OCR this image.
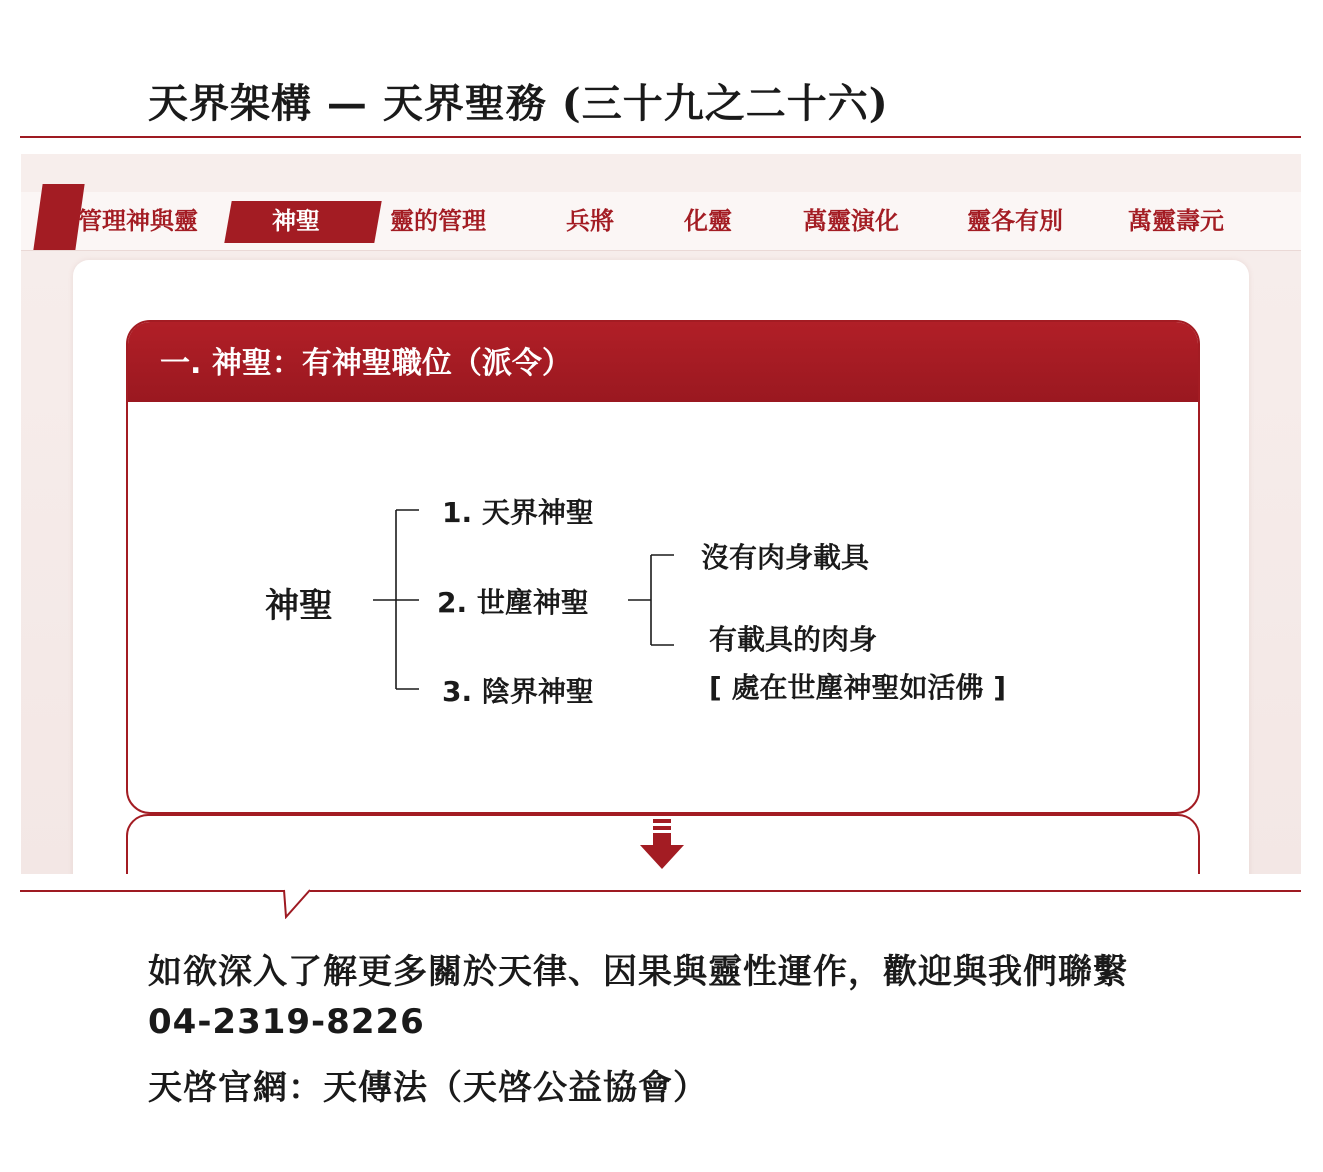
天界架構 — 天界聖務 (三十九之二十六)
管理神與靈	神聖	靈的管理	兵將	化靈	萬靈演化	靈各有別	萬靈壽元
一. 神聖：有神聖職位（派令）
神聖
1. 天界神聖
2. 世塵神聖
3. 陰界神聖
沒有肉身載具
有載具的肉身
[ 處在世塵神聖如活佛 ]
如欲深入了解更多關於天律、因果與靈性運作，歡迎與我們聯繫
04-2319-8226
天啓官網：天傳法（天啓公益協會）
